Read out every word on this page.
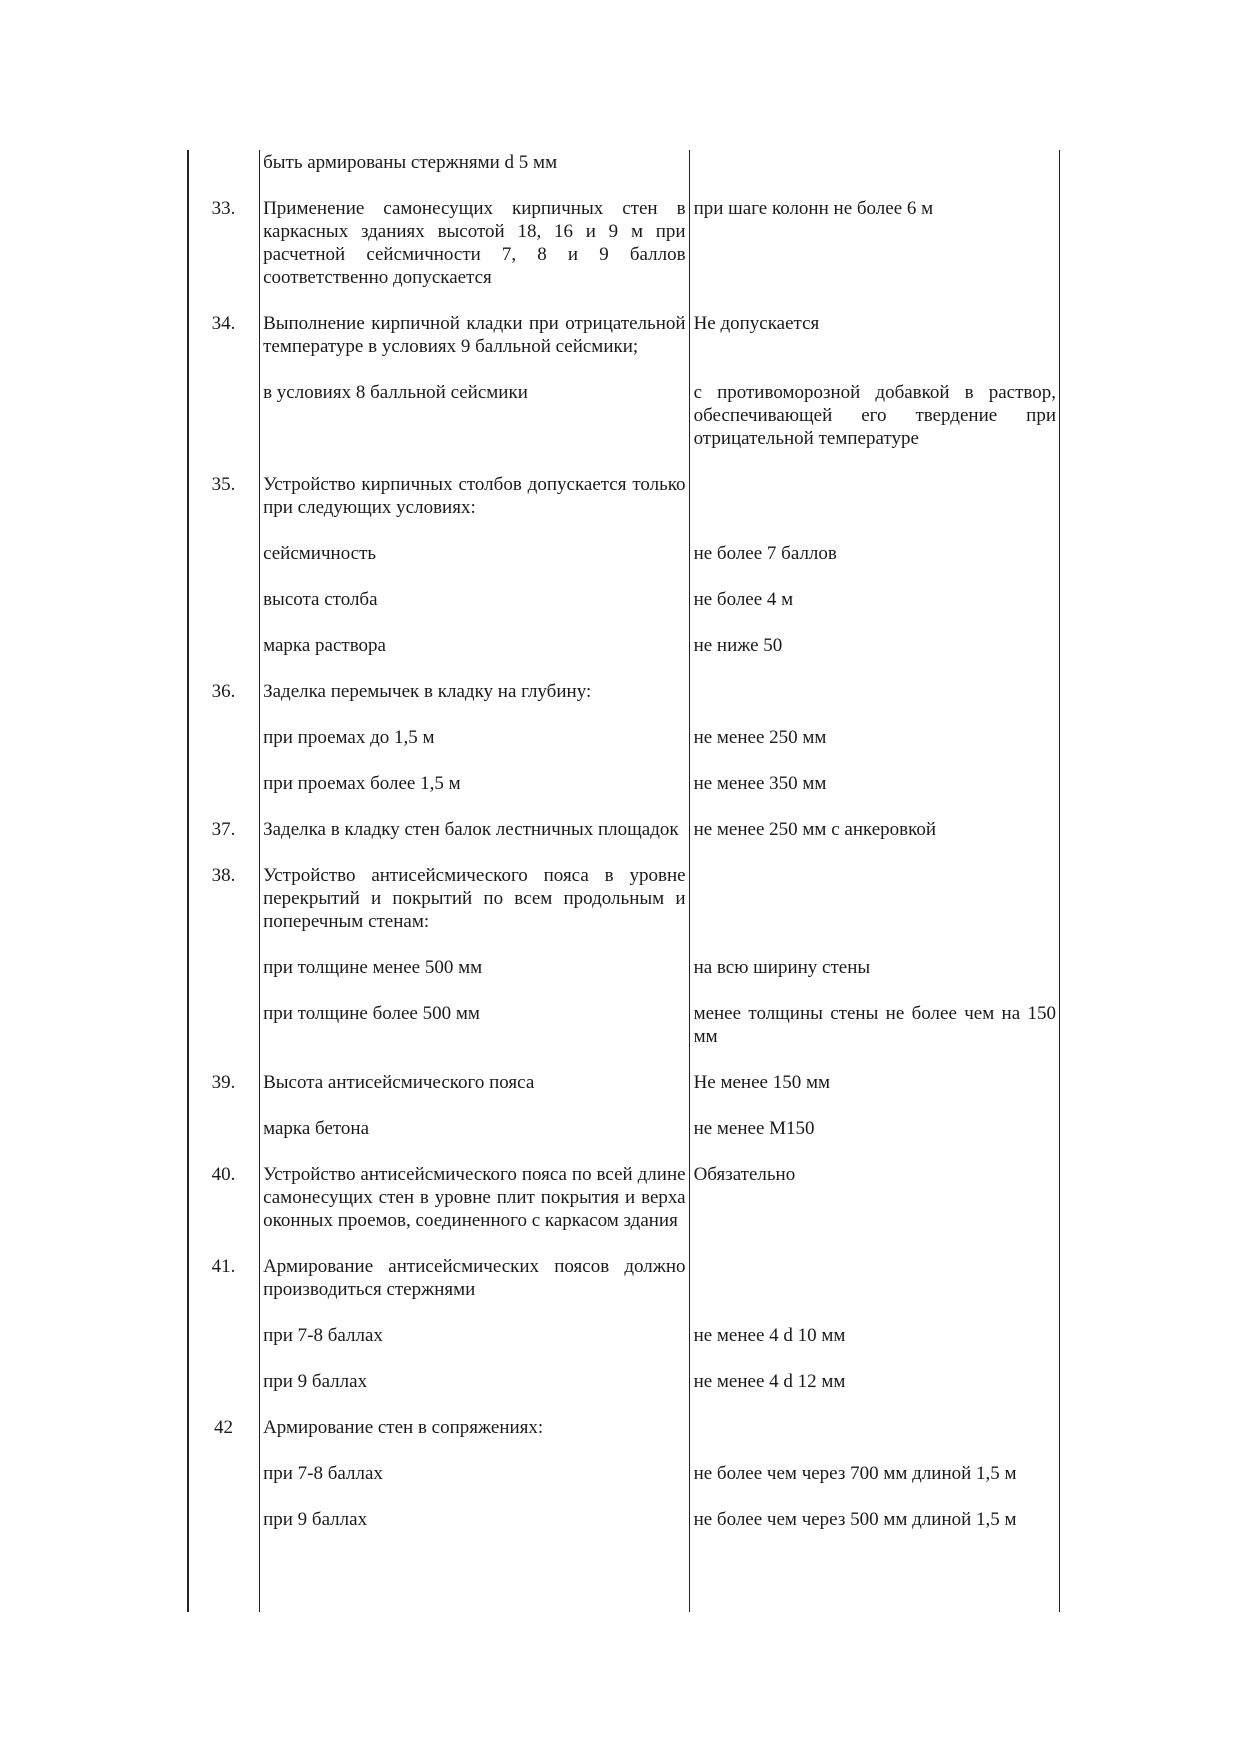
	быть армированы стержнями d 5 мм	
33.	Применение самонесущих кирпичных стен в каркасных зданиях высотой 18, 16 и 9 м при расчетной сейсмичности 7, 8 и 9 баллов соответственно допускается	при шаге колонн не более 6 м
34.	Выполнение кирпичной кладки при отрицательной температуре в условиях 9 балльной сейсмики;	Не допускается
	в условиях 8 балльной сейсмики	с противоморозной добавкой в раствор, обеспечивающей его твердение при отрицательной температуре
35.	Устройство кирпичных столбов допускается только при следующих условиях:	
	сейсмичность	не более 7 баллов
	высота столба	не более 4 м
	марка раствора	не ниже 50
36.	Заделка перемычек в кладку на глубину:	
	при проемах до 1,5 м	не менее 250 мм
	при проемах более 1,5 м	не менее 350 мм
37.	Заделка в кладку стен балок лестничных площадок	не менее 250 мм с анкеровкой
38.	Устройство антисейсмического пояса в уровне перекрытий и покрытий по всем продольным и поперечным стенам:	
	при толщине менее 500 мм	на всю ширину стены
	при толщине более 500 мм	менее толщины стены не более чем на 150 мм
39.	Высота антисейсмического пояса	Не менее 150 мм
	марка бетона	не менее М150
40.	Устройство антисейсмического пояса по всей длине самонесущих стен в уровне плит покрытия и верха оконных проемов, соединенного с каркасом здания	Обязательно
41.	Армирование антисейсмических поясов должно производиться стержнями	
	при 7-8 баллах	не менее 4 d 10 мм
	при 9 баллах	не менее 4 d 12 мм
42	Армирование стен в сопряжениях:	
	при 7-8 баллах	не более чем через 700 мм длиной 1,5 м
	при 9 баллах	не более чем через 500 мм длиной 1,5 м
